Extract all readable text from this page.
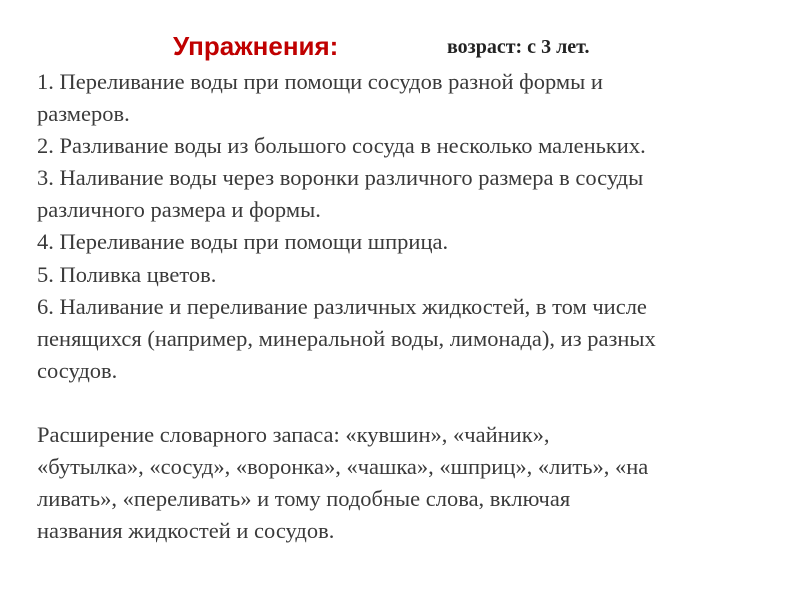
Упражнения:	возраст: с 3 лет.
1. Переливание воды при помощи сосудов разной формы и
размеров.
2. Разливание воды из большого сосуда в несколько маленьких.
3. Наливание воды через воронки различного размера в сосуды
различного размера и формы.
4. Переливание воды при помощи шприца.
5. Поливка цветов.
6. Наливание и переливание различных жидкостей, в том числе
пенящихся (например, минеральной воды, лимонада), из разных
сосудов.
Расширение словарного запаса: «кувшин», «чайник»,
«бутылка», «сосуд», «воронка», «чашка», «шприц», «лить», «на
ливать», «переливать» и тому подобные слова, включая
названия жидкостей и сосудов.
